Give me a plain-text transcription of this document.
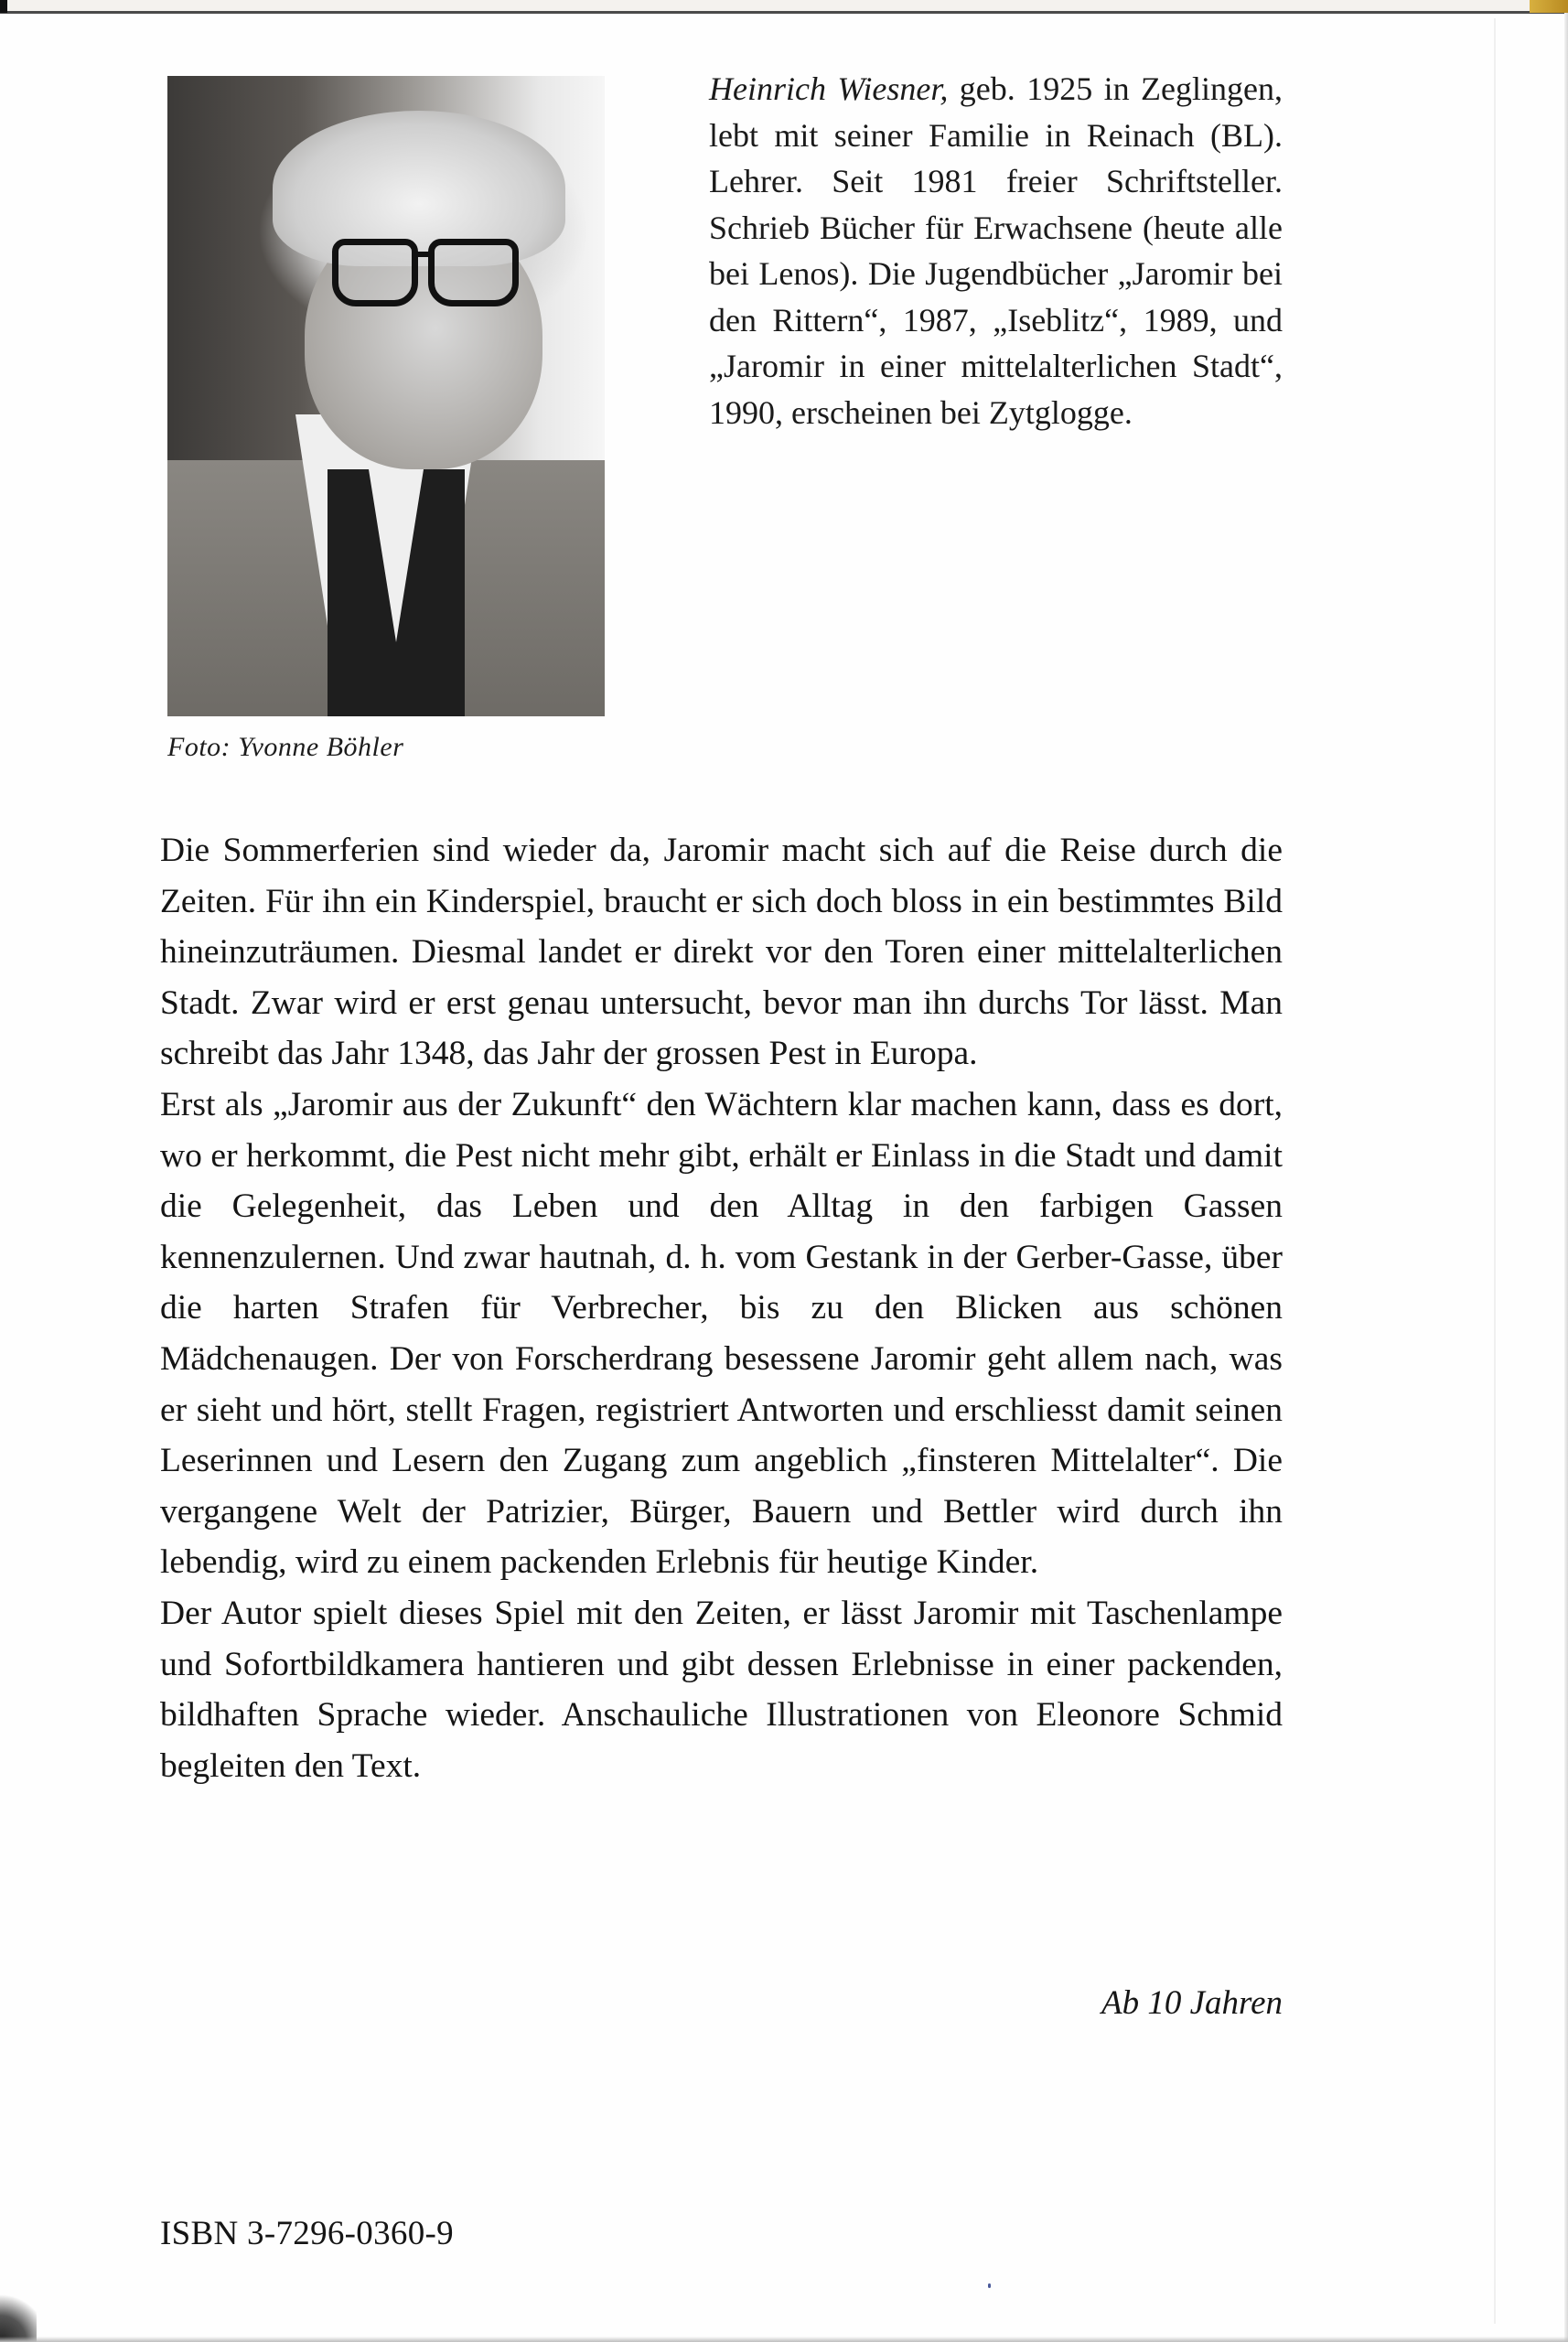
Foto: Yvonne Böhler
Heinrich Wiesner, geb. 1925 in Zeglingen, lebt mit seiner Familie in Reinach (BL). Lehrer. Seit 1981 freier Schriftsteller. Schrieb Bücher für Erwachsene (heute alle bei Lenos). Die Jugendbücher „Jaromir bei den Rittern“, 1987, „Iseblitz“, 1989, und „Jaromir in einer mittelalterlichen Stadt“, 1990, erscheinen bei Zytglogge.

Die Sommerferien sind wieder da, Jaromir macht sich auf die Reise durch die Zeiten. Für ihn ein Kinderspiel, braucht er sich doch bloss in ein bestimmtes Bild hineinzuträumen. Diesmal landet er direkt vor den Toren einer mittelalterlichen Stadt. Zwar wird er erst genau untersucht, bevor man ihn durchs Tor lässt. Man schreibt das Jahr 1348, das Jahr der grossen Pest in Europa.

Erst als „Jaromir aus der Zukunft“ den Wächtern klar machen kann, dass es dort, wo er herkommt, die Pest nicht mehr gibt, erhält er Einlass in die Stadt und damit die Gelegenheit, das Leben und den Alltag in den farbigen Gassen kennenzulernen. Und zwar hautnah, d. h. vom Gestank in der Gerber-Gasse, über die harten Strafen für Verbrecher, bis zu den Blicken aus schönen Mädchenaugen. Der von Forscherdrang besessene Jaromir geht allem nach, was er sieht und hört, stellt Fragen, registriert Antworten und erschliesst damit seinen Leserinnen und Lesern den Zugang zum angeblich „finsteren Mittelalter“. Die vergangene Welt der Patrizier, Bürger, Bauern und Bettler wird durch ihn lebendig, wird zu einem packenden Erlebnis für heutige Kinder.

Der Autor spielt dieses Spiel mit den Zeiten, er lässt Jaromir mit Taschenlampe und Sofortbildkamera hantieren und gibt dessen Erlebnisse in einer packenden, bildhaften Sprache wieder. Anschauliche Illustrationen von Eleonore Schmid begleiten den Text.

Ab 10 Jahren
ISBN 3-7296-0360-9
